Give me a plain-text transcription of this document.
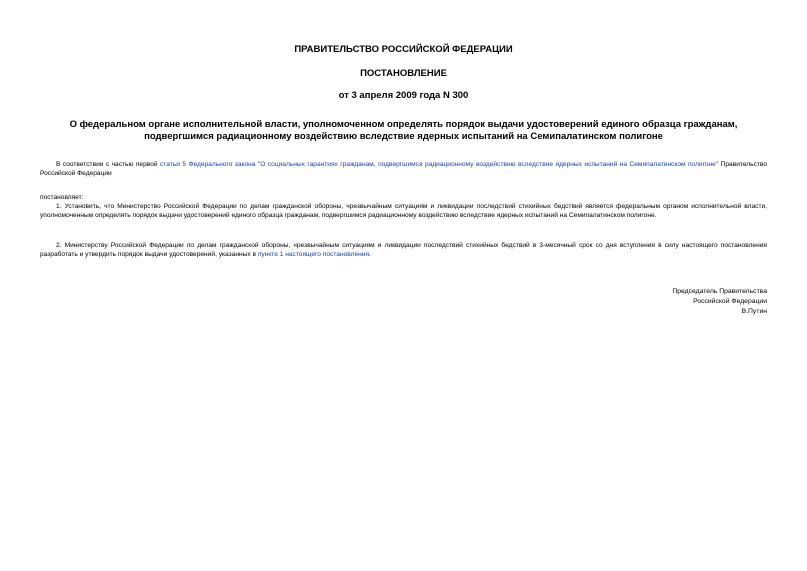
ПРАВИТЕЛЬСТВО РОССИЙСКОЙ ФЕДЕРАЦИИ
ПОСТАНОВЛЕНИЕ
от 3 апреля 2009 года N 300
О федеральном органе исполнительной власти, уполномоченном определять порядок выдачи удостоверений единого образца гражданам, подвергшимся радиационному воздействию вследствие ядерных испытаний на Семипалатинском полигоне
В соответствии с частью первой статьи 5 Федерального закона "О социальных гарантиях гражданам, подвергшимся радиационному воздействию вследствие ядерных испытаний на Семипалатинском полигоне" Правительство Российской Федерации
постановляет:
1. Установить, что Министерство Российской Федерации по делам гражданской обороны, чрезвычайным ситуациям и ликвидации последствий стихийных бедствий является федеральным органом исполнительной власти, уполномоченным определять порядок выдачи удостоверений единого образца гражданам, подвергшимся радиационному воздействию вследствие ядерных испытаний на Семипалатинском полигоне.
2. Министерству Российской Федерации по делам гражданской обороны, чрезвычайным ситуациям и ликвидации последствий стихийных бедствий в 3-месячный срок со дня вступления в силу настоящего постановления разработать и утвердить порядок выдачи удостоверений, указанных в пункте 1 настоящего постановления.
Председатель Правительства
Российской Федерации
В.Путин
